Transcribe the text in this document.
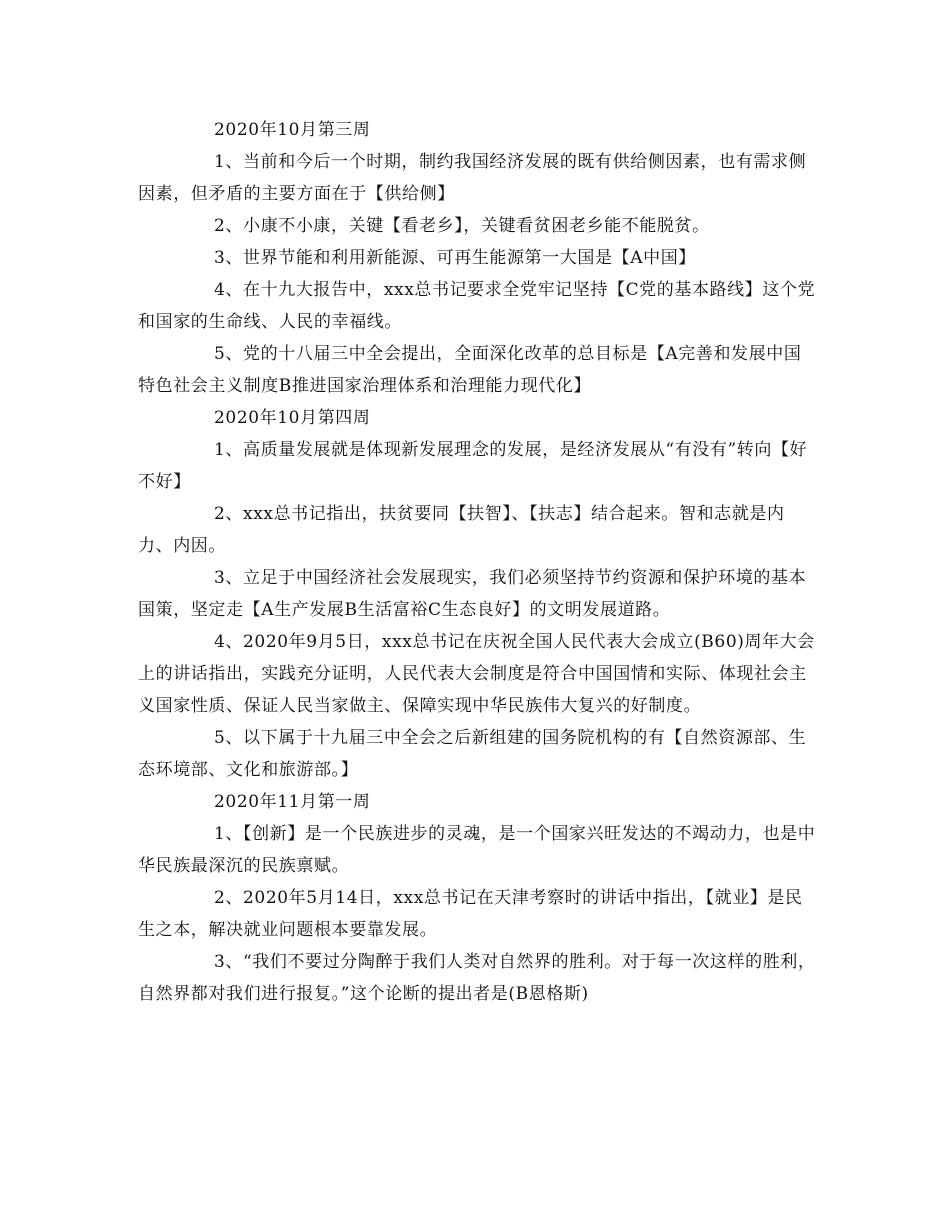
2020年10月第三周

1、当前和今后一个时期，制约我国经济发展的既有供给侧因素，也有需求侧因素，但矛盾的主要方面在于【供给侧】

2、小康不小康，关键【看老乡】，关键看贫困老乡能不能脱贫。

3、世界节能和利用新能源、可再生能源第一大国是【A中国】

4、在十九大报告中，xxx总书记要求全党牢记坚持【C党的基本路线】这个党和国家的生命线、人民的幸福线。

5、党的十八届三中全会提出，全面深化改革的总目标是【A完善和发展中国特色社会主义制度B推进国家治理体系和治理能力现代化】

2020年10月第四周

1、高质量发展就是体现新发展理念的发展，是经济发展从“有没有”转向【好不好】

2、xxx总书记指出，扶贫要同【扶智】、【扶志】结合起来。智和志就是内力、内因。

3、立足于中国经济社会发展现实，我们必须坚持节约资源和保护环境的基本国策，坚定走【A生产发展B生活富裕C生态良好】的文明发展道路。

4、2020年9月5日，xxx总书记在庆祝全国人民代表大会成立(B60)周年大会上的讲话指出，实践充分证明，人民代表大会制度是符合中国国情和实际、体现社会主义国家性质、保证人民当家做主、保障实现中华民族伟大复兴的好制度。

5、以下属于十九届三中全会之后新组建的国务院机构的有【自然资源部、生态环境部、文化和旅游部。】

2020年11月第一周

1、【创新】是一个民族进步的灵魂，是一个国家兴旺发达的不竭动力，也是中华民族最深沉的民族禀赋。

2、2020年5月14日，xxx总书记在天津考察时的讲话中指出，【就业】是民生之本，解决就业问题根本要靠发展。

3、“我们不要过分陶醉于我们人类对自然界的胜利。对于每一次这样的胜利，自然界都对我们进行报复。”这个论断的提出者是(B恩格斯)
